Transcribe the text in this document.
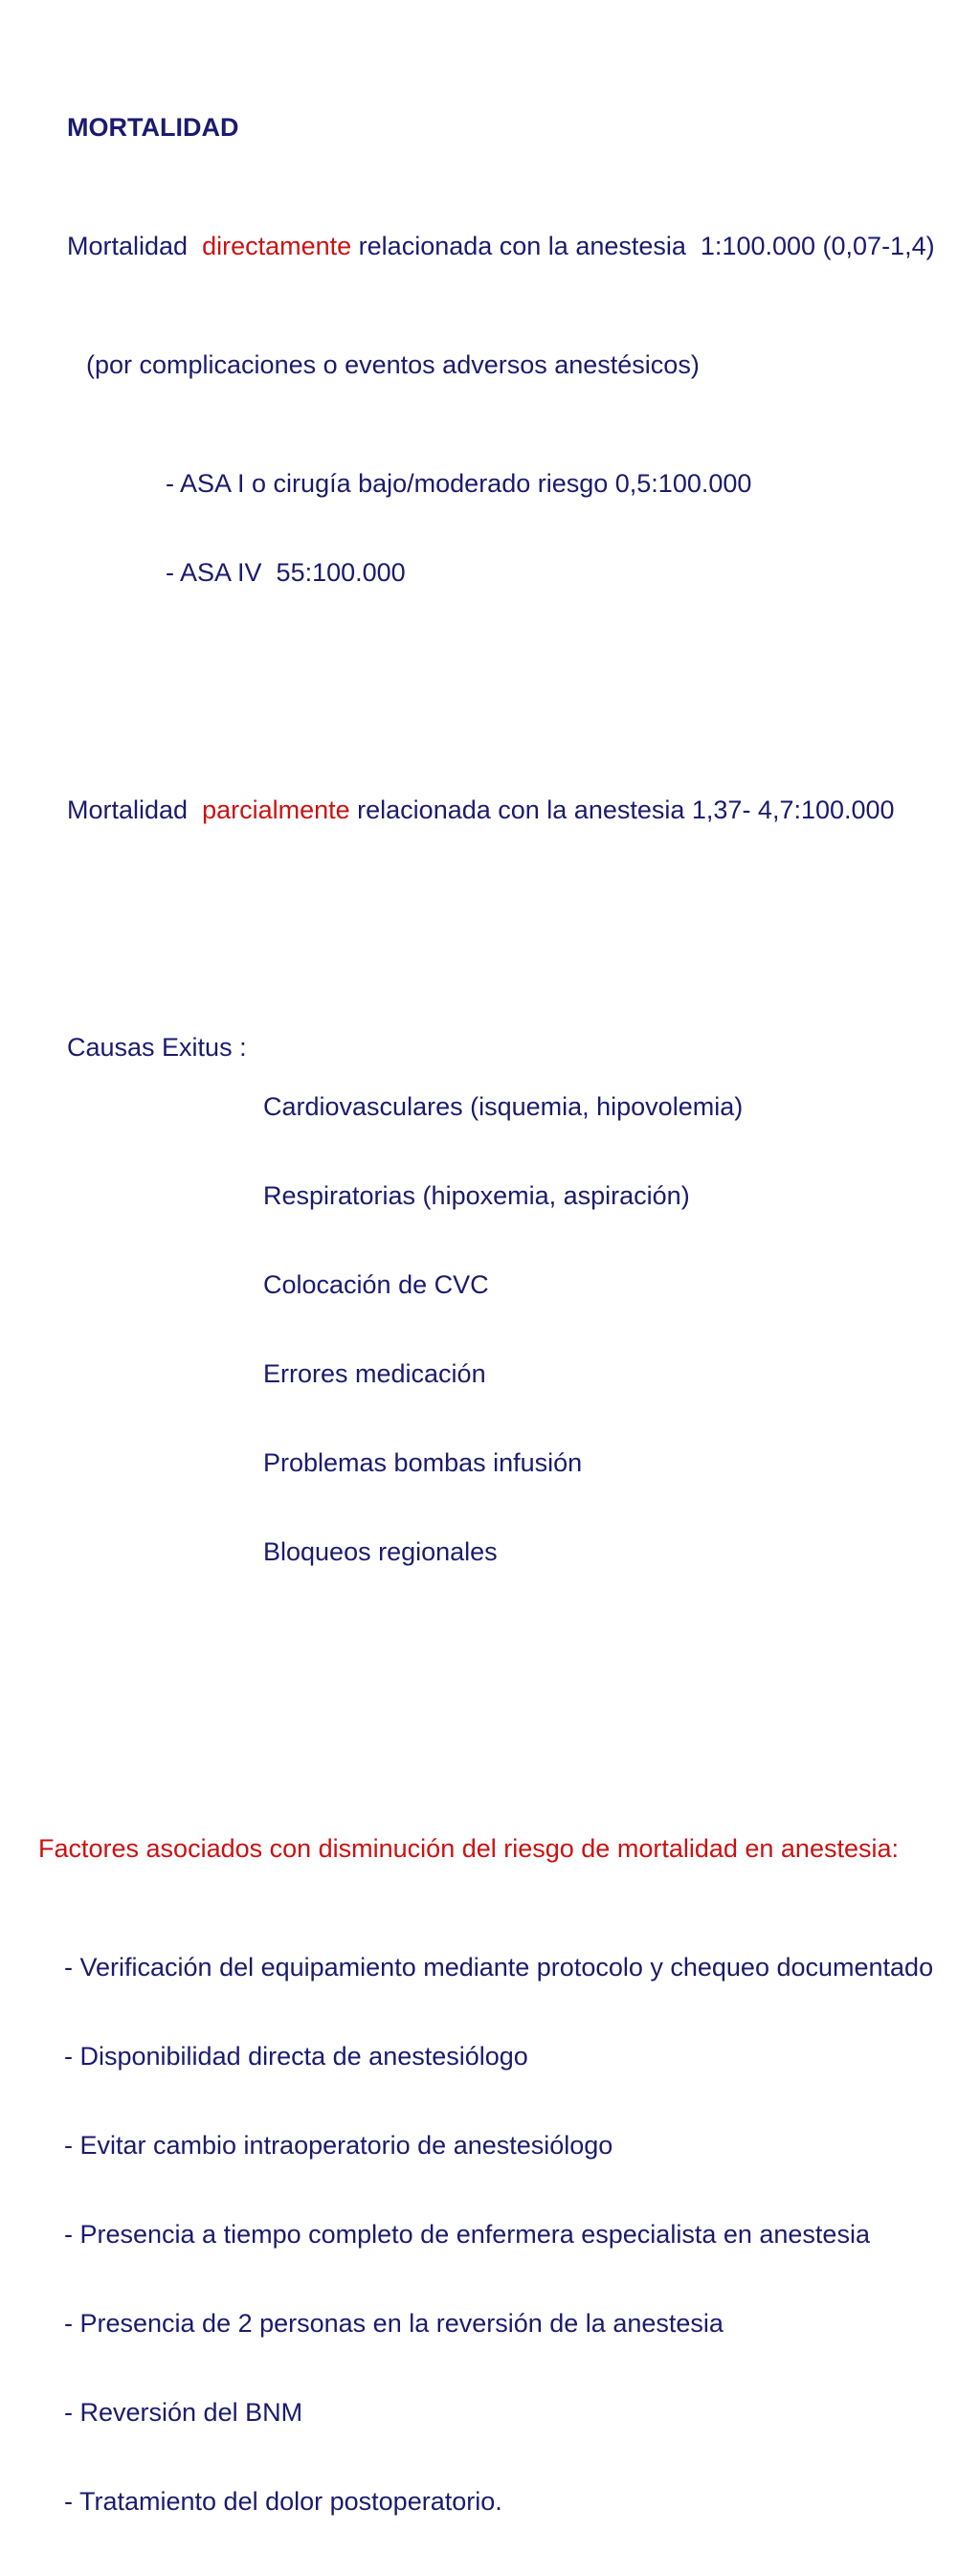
MORTALIDAD

Mortalidad  directamente relacionada con la anestesia  1:100.000 (0,07-1,4)

(por complicaciones o eventos adversos anestésicos)

- ASA I o cirugía bajo/moderado riesgo 0,5:100.000

- ASA IV  55:100.000

Mortalidad  parcialmente relacionada con la anestesia 1,37- 4,7:100.000

Causas Exitus :

Cardiovasculares (isquemia, hipovolemia)

Respiratorias (hipoxemia, aspiración)

Colocación de CVC

Errores medicación

Problemas bombas infusión

Bloqueos regionales

Factores asociados con disminución del riesgo de mortalidad en anestesia:

- Verificación del equipamiento mediante protocolo y chequeo documentado

- Disponibilidad directa de anestesiólogo

- Evitar cambio intraoperatorio de anestesiólogo

- Presencia a tiempo completo de enfermera especialista en anestesia

- Presencia de 2 personas en la reversión de la anestesia

- Reversión del BNM

- Tratamiento del dolor postoperatorio.
